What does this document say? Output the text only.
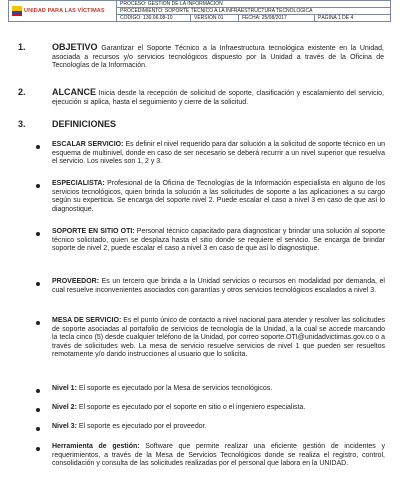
UNIDAD PARA LAS VÍCTIMAS
PROCESO: GESTIÓN DE LA INFORMACIÓN
PROCEDIMIENTO: SOPORTE TÉCNICO A LA INFRAESTRUCTURA TECNOLÓGICA
CÓDIGO: 130.06.08-10	VERSIÓN 01	FECHA: 25/08/2017	PÁGINA 1 DE 4
1.	OBJETIVO Garantizar el Soporte Técnico a la Infraestructura tecnológica existente en la Unidad, asociada a recursos y/o servicios tecnológicos dispuesto por la Unidad a través de la Oficina de Tecnologías de la Información.
2.	ALCANCE Inicia desde la recepción de solicitud de soporte, clasificación y escalamiento del servicio, ejecución si aplica, hasta el seguimiento y cierre de la solicitud.
3.	DEFINICIONES
ESCALAR SERVICIO: Es definir el nivel requerido para dar solución a la solicitud de soporte técnico en un esquema de multinivel, donde en caso de ser necesario se deberá recurrir a un nivel superior que resuelva el servicio. Los niveles son 1, 2 y 3.
ESPECIALISTA: Profesional de la Oficina de Tecnologías de la Información especialista en alguno de los servicios tecnológicos, quien brinda la solución a las solicitudes de soporte a las aplicaciones a su cargo según su experticia. Se encarga del soporte nivel 2. Puede escalar el caso a nivel 3 en caso de que así lo diagnostique.
SOPORTE EN SITIO OTI: Personal técnico capacitado para diagnosticar y brindar una solución al soporte técnico solicitado, quien se desplaza hasta el sitio donde se requiere el servicio. Se encarga de brindar soporte de nivel 2, puede escalar el caso a nivel 3 en caso de que así lo diagnostique.
PROVEEDOR: Es un tercero que brinda a la Unidad servicios o recursos en modalidad por demanda, el cual resuelve inconvenientes asociados con garantías y otros servicios tecnológicos escalados a nivel 3.
MESA DE SERVICIO: Es el punto único de contacto a nivel nacional para atender y resolver las solicitudes de soporte asociadas al portafolio de servicios de tecnología de la Unidad, a la cual se accede marcando la tecla cinco (5) desde cualquier teléfono de la Unidad, por correo soporte.OTI@unidadvictimas.gov.co o a través de solicitudes web. La mesa de servicio resuelve servicios de nivel 1 que pueden ser resueltos remotamente y/o dando instrucciones al usuario que lo solicita.
Nivel 1: El soporte es ejecutado por la Mesa de servicios tecnológicos.
Nivel 2: El soporte es ejecutado por el soporte en sitio o el ingeniero especialista.
Nivel 3: El soporte es ejecutado por el proveedor.
Herramienta de gestión: Software que permite realizar una eficiente gestión de incidentes y requerimientos, a través de la Mesa de Servicios Tecnológicos donde se realiza el registro, control, consolidación y consulta de las solicitudes realizadas por el personal que labora en la UNIDAD.
